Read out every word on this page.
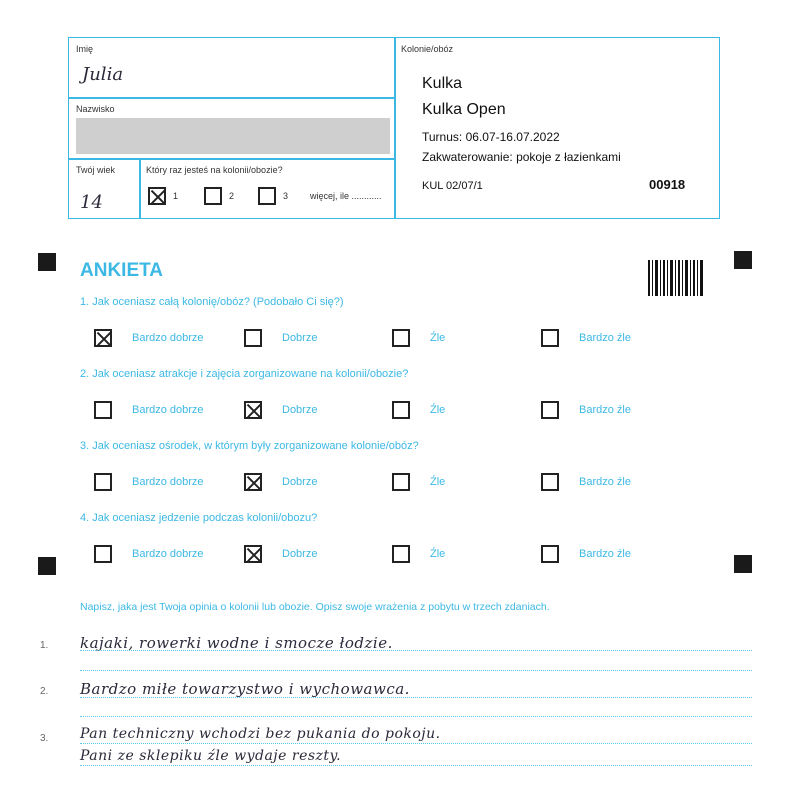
Imię
Julia
Nazwisko
Twój wiek
14
Który raz jesteś na kolonii/obozie?
1	2	3 więcej, ile ............
Kolonie/obóz
Kulka
Kulka Open
Turnus: 06.07-16.07.2022
Zakwaterowanie: pokoje z łazienkami
KUL 02/07/1	00918
ANKIETA
1. Jak oceniasz całą kolonię/obóz? (Podobało Ci się?)
Bardzo dobrze	Dobrze	Źle	Bardzo źle
2. Jak oceniasz atrakcje i zajęcia zorganizowane na kolonii/obozie?
Bardzo dobrze	Dobrze	Źle	Bardzo źle
3. Jak oceniasz ośrodek, w którym były zorganizowane kolonie/obóz?
Bardzo dobrze	Dobrze	Źle	Bardzo źle
4. Jak oceniasz jedzenie podczas kolonii/obozu?
Bardzo dobrze	Dobrze	Źle	Bardzo źle
Napisz, jaka jest Twoja opinia o kolonii lub obozie. Opisz swoje wrażenia z pobytu w trzech zdaniach.
1. kajaki, rowerki wodne i smocze łodzie.
2. Bardzo miłe towarzystwo i wychowawca.
3. Pan techniczny wchodzi bez pukania do pokoju.
Pani ze sklepiku źle wydaje reszty.
